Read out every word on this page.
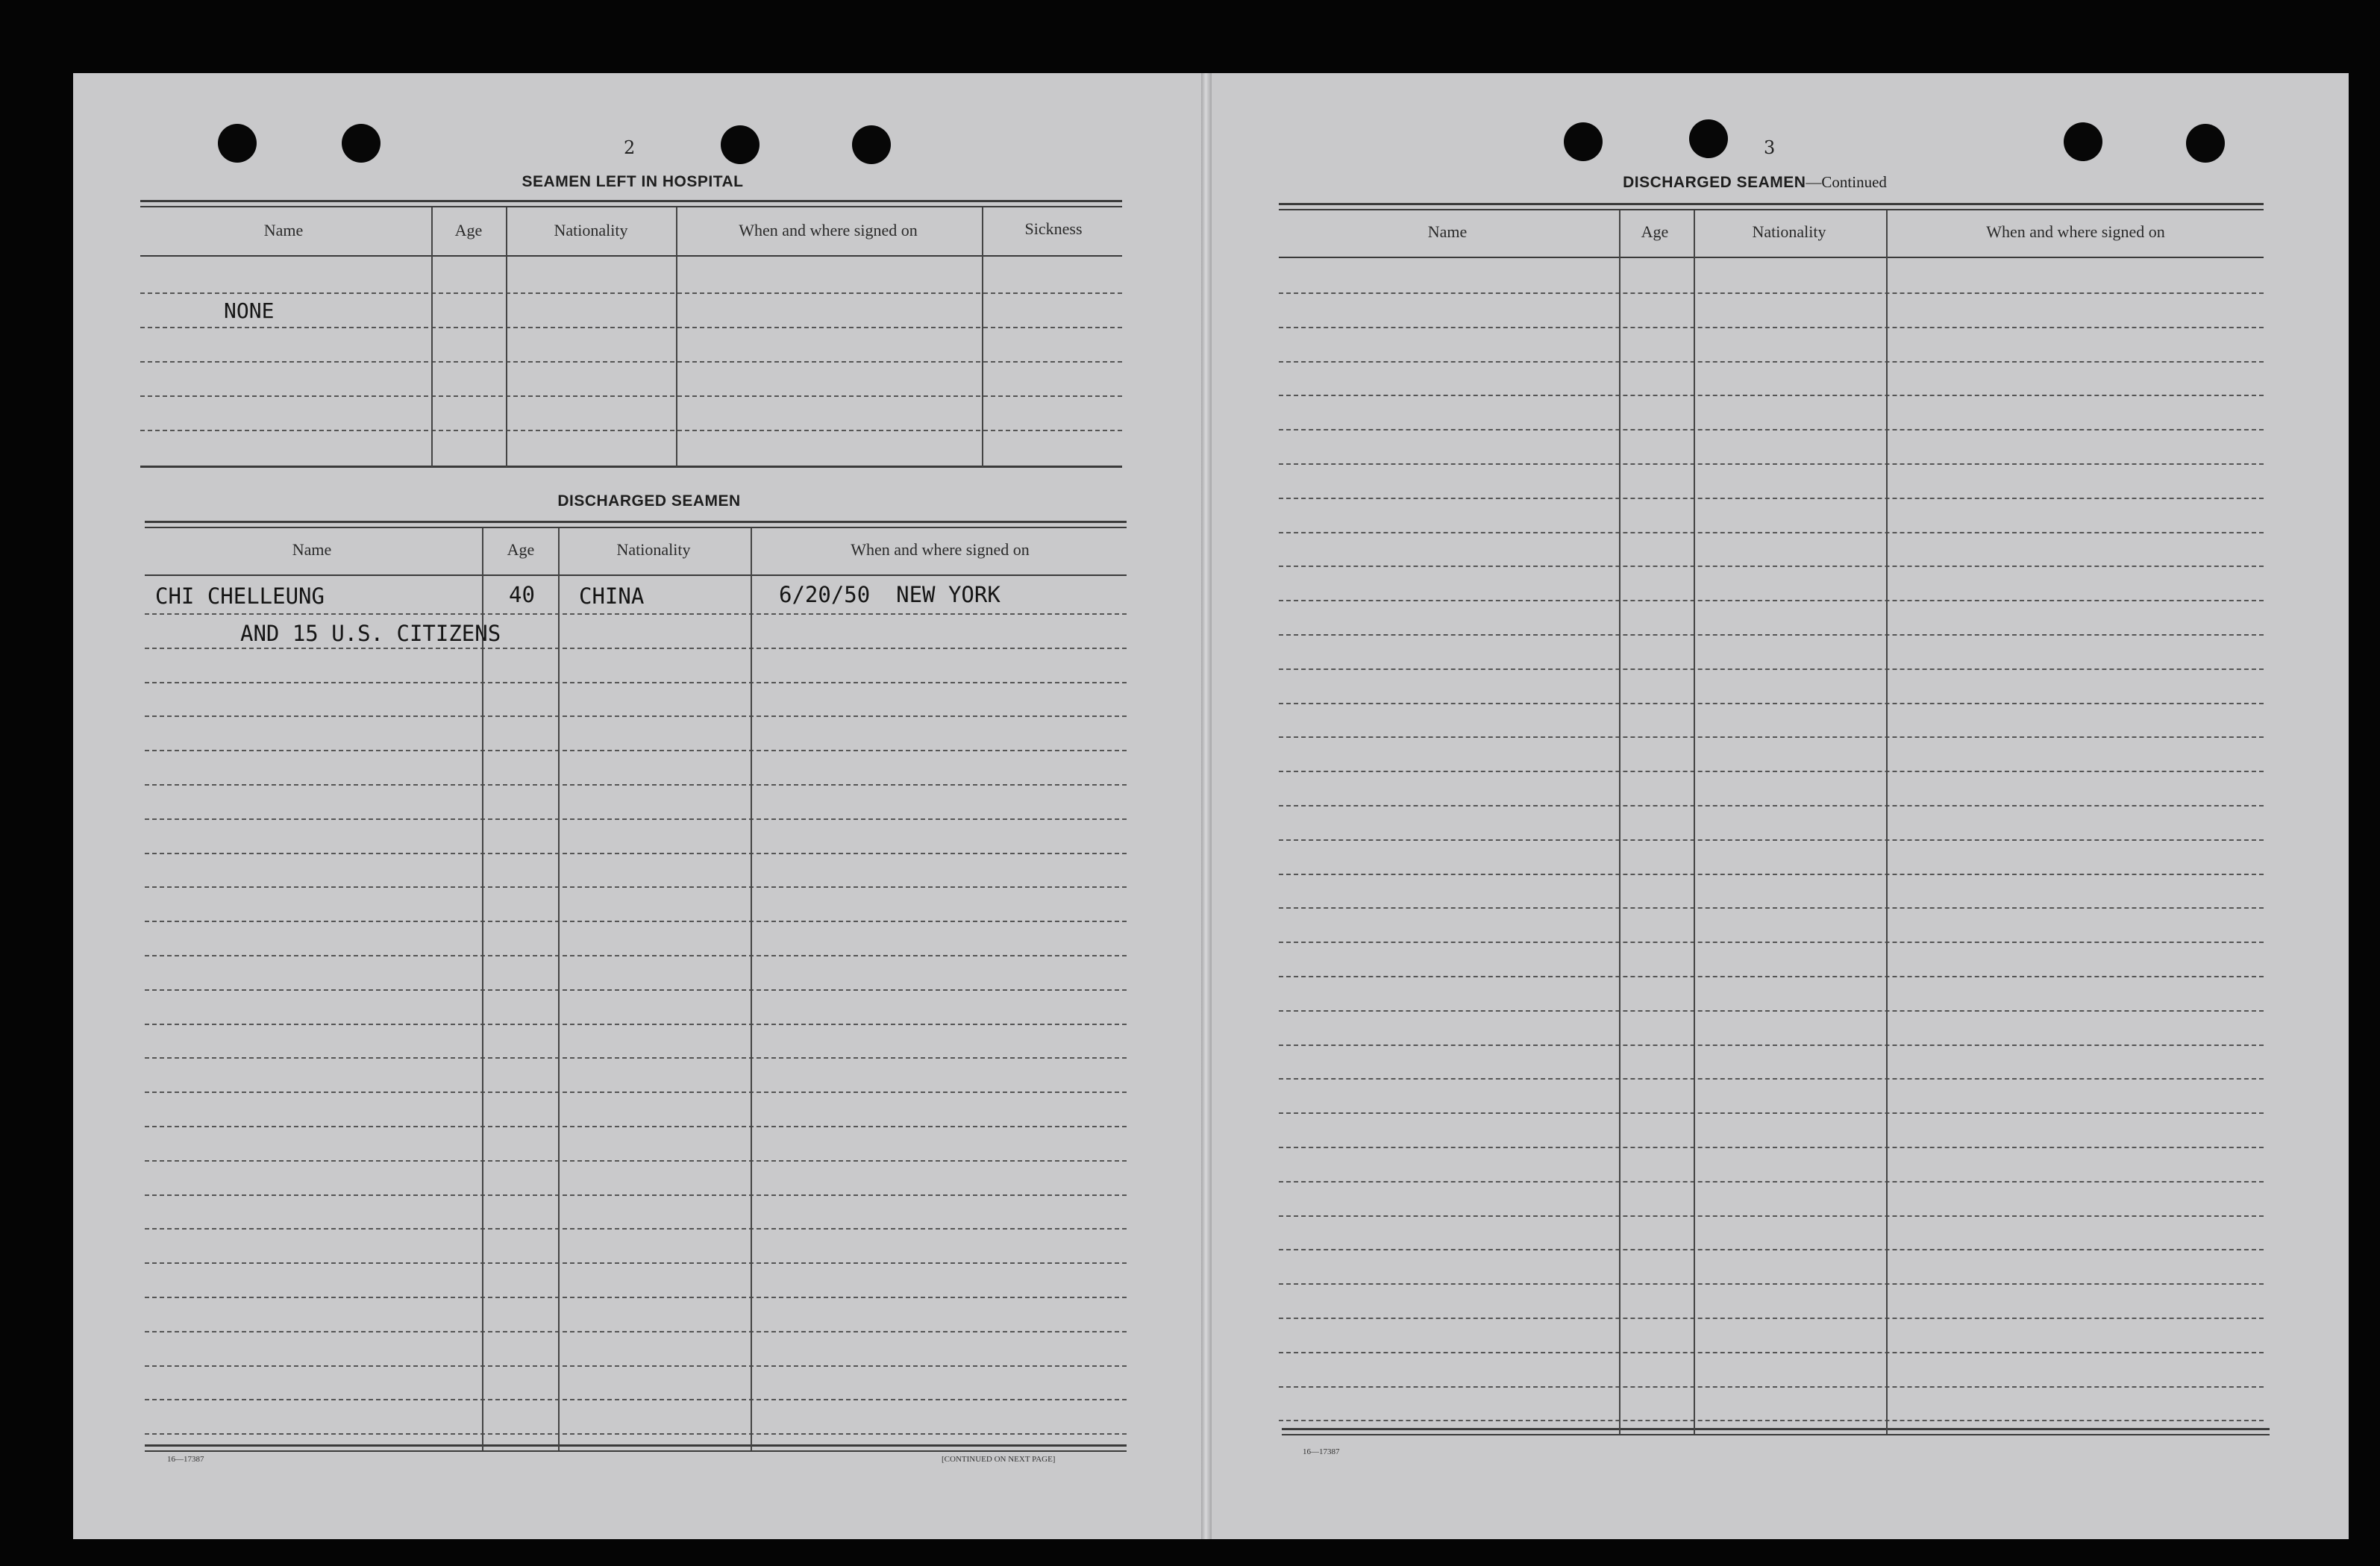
2
SEAMEN LEFT IN HOSPITAL
Name	Age	Nationality	When and where signed on	Sickness
NONE
DISCHARGED SEAMEN
Name	Age	Nationality	When and where signed on
CHI CHELLEUNG	40 CHINA	6/20/50  NEW YORK
AND 15 U.S. CITIZENS
16—17387	[CONTINUED ON NEXT PAGE]
3
DISCHARGED SEAMEN—Continued
Name	Age	Nationality	When and where signed on
16—17387
